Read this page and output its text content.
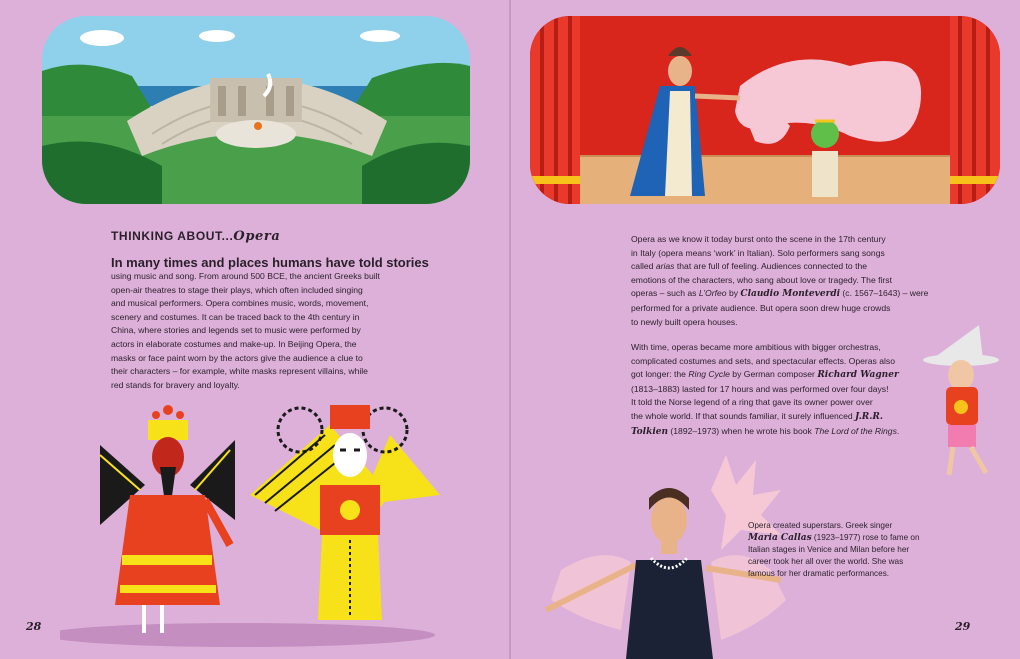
THINKING ABOUT...Opera
In many times and places humans have told stories
using music and song. From around 500 BCE, the ancient Greeks built
open-air theatres to stage their plays, which often included singing
and musical performers. Opera combines music, words, movement,
scenery and costumes. It can be traced back to the 4th century in
China, where stories and legends set to music were performed by
actors in elaborate costumes and make-up. In Beijing Opera, the
masks or face paint worn by the actors give the audience a clue to
their characters – for example, white masks represent villains, while
red stands for bravery and loyalty.
28
Opera as we know it today burst onto the scene in the 17th century
in Italy (opera means ‘work’ in Italian). Solo performers sang songs
called arias that are full of feeling. Audiences connected to the
emotions of the characters, who sang about love or tragedy. The first
operas – such as L’Orfeo by Claudio Monteverdi (c. 1567–1643) – were
performed for a private audience. But opera soon drew huge crowds
to newly built opera houses.
With time, operas became more ambitious with bigger orchestras,
complicated costumes and sets, and spectacular effects. Operas also
got longer: the Ring Cycle by German composer Richard Wagner
(1813–1883) lasted for 17 hours and was performed over four days!
It told the Norse legend of a ring that gave its owner power over
the whole world. If that sounds familiar, it surely influenced J.R.R.
Tolkien (1892–1973) when he wrote his book The Lord of the Rings.
Opera created superstars. Greek singer
Maria Callas (1923–1977) rose to fame on
Italian stages in Venice and Milan before her
career took her all over the world. She was
famous for her dramatic performances.
29
